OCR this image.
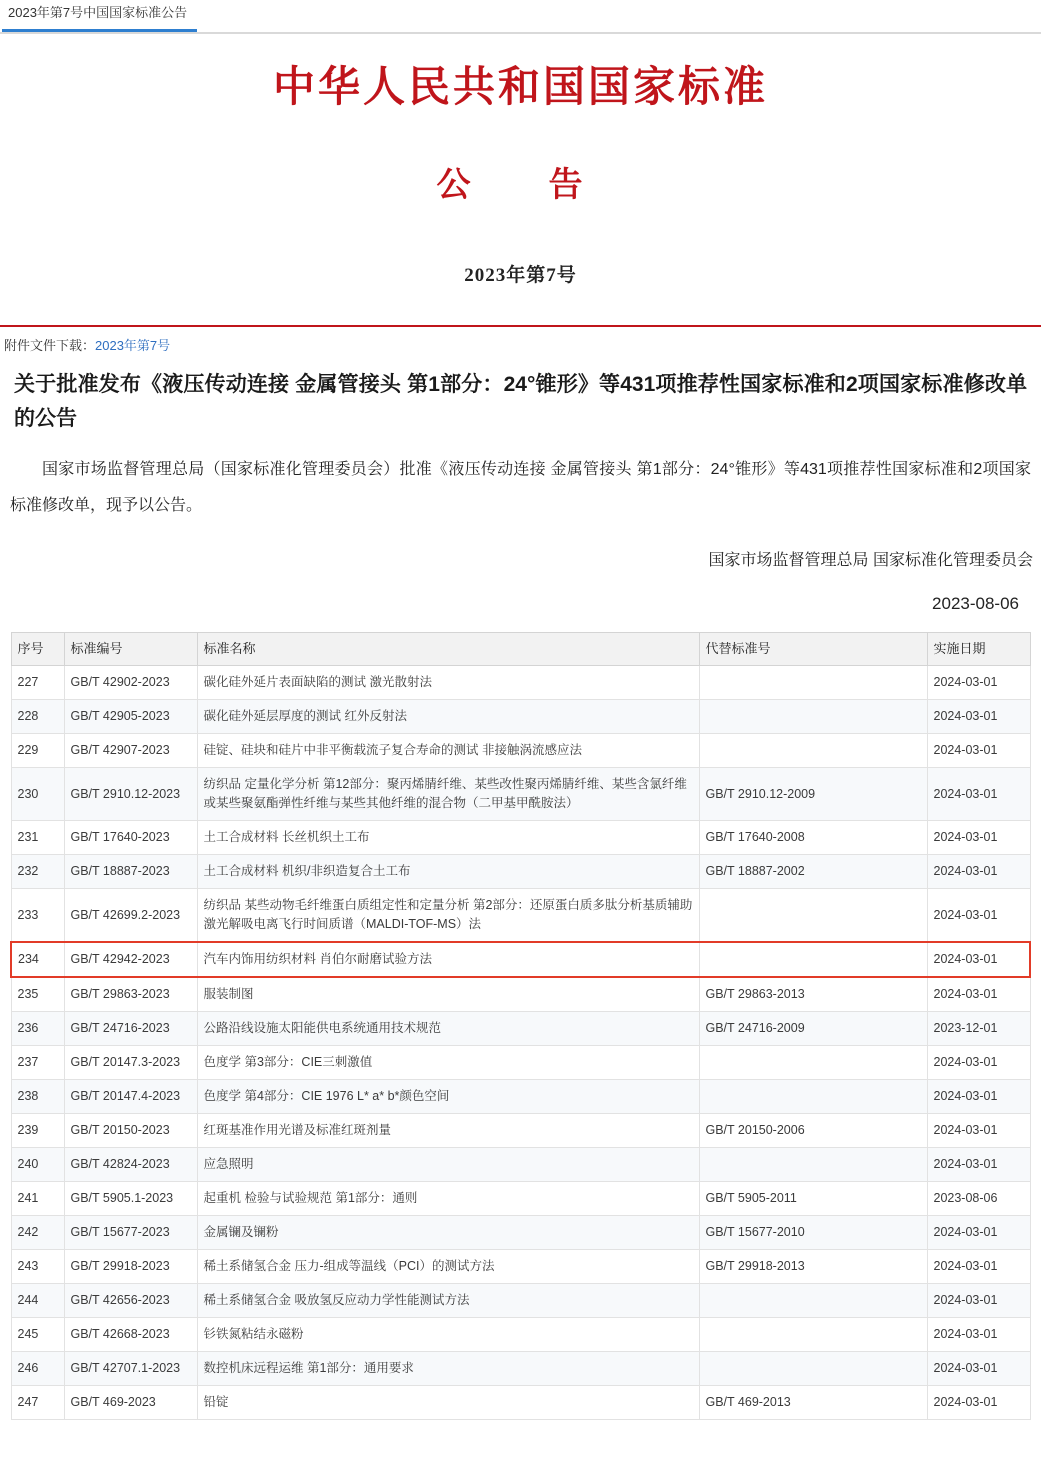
2023年第7号中国国家标准公告
中华人民共和国国家标准
公　告
2023年第7号
附件文件下载：2023年第7号
关于批准发布《液压传动连接 金属管接头 第1部分：24°锥形》等431项推荐性国家标准和2项国家标准修改单的公告
国家市场监督管理总局（国家标准化管理委员会）批准《液压传动连接 金属管接头 第1部分：24°锥形》等431项推荐性国家标准和2项国家标准修改单，现予以公告。
国家市场监督管理总局 国家标准化管理委员会
2023-08-06
序号	标准编号	标准名称	代替标准号	实施日期
227	GB/T 42902-2023	碳化硅外延片表面缺陷的测试 激光散射法		2024-03-01
228	GB/T 42905-2023	碳化硅外延层厚度的测试 红外反射法		2024-03-01
229	GB/T 42907-2023	硅锭、硅块和硅片中非平衡载流子复合寿命的测试 非接触涡流感应法		2024-03-01
230	GB/T 2910.12-2023	纺织品 定量化学分析 第12部分：聚丙烯腈纤维、某些改性聚丙烯腈纤维、某些含氯纤维或某些聚氨酯弹性纤维与某些其他纤维的混合物（二甲基甲酰胺法）	GB/T 2910.12-2009	2024-03-01
231	GB/T 17640-2023	土工合成材料 长丝机织土工布	GB/T 17640-2008	2024-03-01
232	GB/T 18887-2023	土工合成材料 机织/非织造复合土工布	GB/T 18887-2002	2024-03-01
233	GB/T 42699.2-2023	纺织品 某些动物毛纤维蛋白质组定性和定量分析 第2部分：还原蛋白质多肽分析基质辅助激光解吸电离飞行时间质谱（MALDI-TOF-MS）法		2024-03-01
234	GB/T 42942-2023	汽车内饰用纺织材料 肖伯尔耐磨试验方法		2024-03-01
235	GB/T 29863-2023	服装制图	GB/T 29863-2013	2024-03-01
236	GB/T 24716-2023	公路沿线设施太阳能供电系统通用技术规范	GB/T 24716-2009	2023-12-01
237	GB/T 20147.3-2023	色度学 第3部分：CIE三刺激值		2024-03-01
238	GB/T 20147.4-2023	色度学 第4部分：CIE 1976 L* a* b*颜色空间		2024-03-01
239	GB/T 20150-2023	红斑基准作用光谱及标准红斑剂量	GB/T 20150-2006	2024-03-01
240	GB/T 42824-2023	应急照明		2024-03-01
241	GB/T 5905.1-2023	起重机 检验与试验规范 第1部分：通则	GB/T 5905-2011	2023-08-06
242	GB/T 15677-2023	金属镧及镧粉	GB/T 15677-2010	2024-03-01
243	GB/T 29918-2023	稀土系储氢合金 压力-组成等温线（PCI）的测试方法	GB/T 29918-2013	2024-03-01
244	GB/T 42656-2023	稀土系储氢合金 吸放氢反应动力学性能测试方法		2024-03-01
245	GB/T 42668-2023	钐铁氮粘结永磁粉		2024-03-01
246	GB/T 42707.1-2023	数控机床远程运维 第1部分：通用要求		2024-03-01
247	GB/T 469-2023	铅锭	GB/T 469-2013	2024-03-01
